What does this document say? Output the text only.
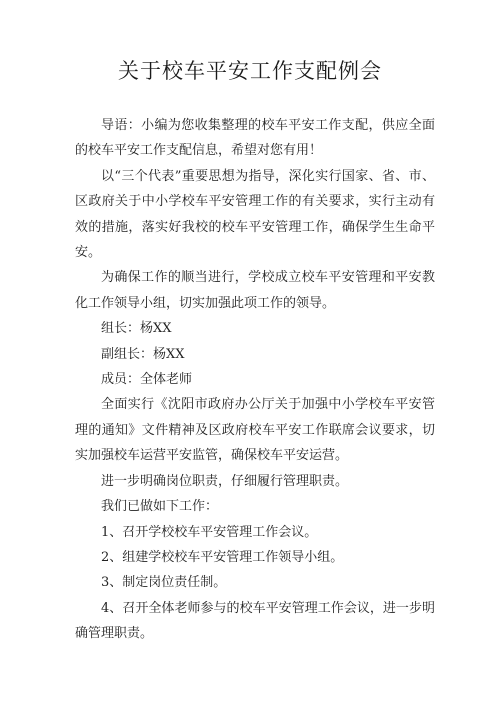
关于校车平安工作支配例会

导语：小编为您收集整理的校车平安工作支配，供应全面的校车平安工作支配信息，希望对您有用！

以“三个代表”重要思想为指导，深化实行国家、省、市、区政府关于中小学校车平安管理工作的有关要求，实行主动有效的措施，落实好我校的校车平安管理工作，确保学生生命平安。

为确保工作的顺当进行，学校成立校车平安管理和平安教化工作领导小组，切实加强此项工作的领导。

组长：杨XX

副组长：杨XX

成员：全体老师

全面实行《沈阳市政府办公厅关于加强中小学校车平安管理的通知》文件精神及区政府校车平安工作联席会议要求，切实加强校车运营平安监管，确保校车平安运营。

进一步明确岗位职责，仔细履行管理职责。

我们已做如下工作：

1、召开学校校车平安管理工作会议。

2、组建学校校车平安管理工作领导小组。

3、制定岗位责任制。

4、召开全体老师参与的校车平安管理工作会议，进一步明确管理职责。
